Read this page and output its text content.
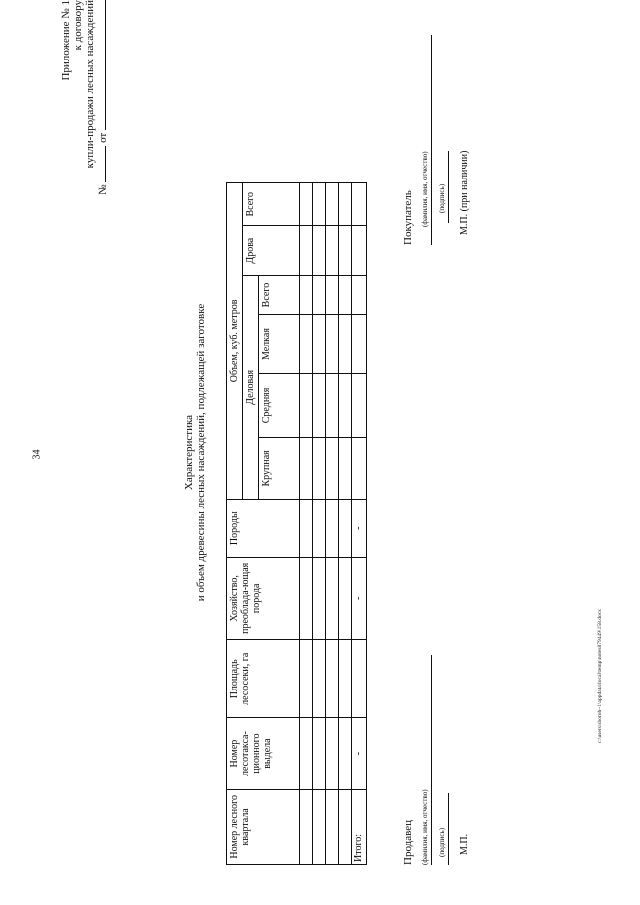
34
c:\users\sboroh~1\appdata\local\temp\notes879449\158.docx
Приложение № 1 к договору купли-продажи лесных насаждений
№  от
Характеристика и объем древесины лесных насаждений, подлежащей заготовке
Номер лесного квартала	Номер лесотакса-ционного выдела	Площадь лесосеки, га	Хозяйство, преоблада-ющая порода	Породы	Объем, куб. метров					
					Деловая				Дрова	Всего
					Крупная	Средняя	Мелкая	Всего		

Итого:	-		-	-						
Продавец (фамилия, имя, отчество) (подпись) М.П.
Покупатель (фамилия, имя, отчество) (подпись) М.П. (при наличии)
